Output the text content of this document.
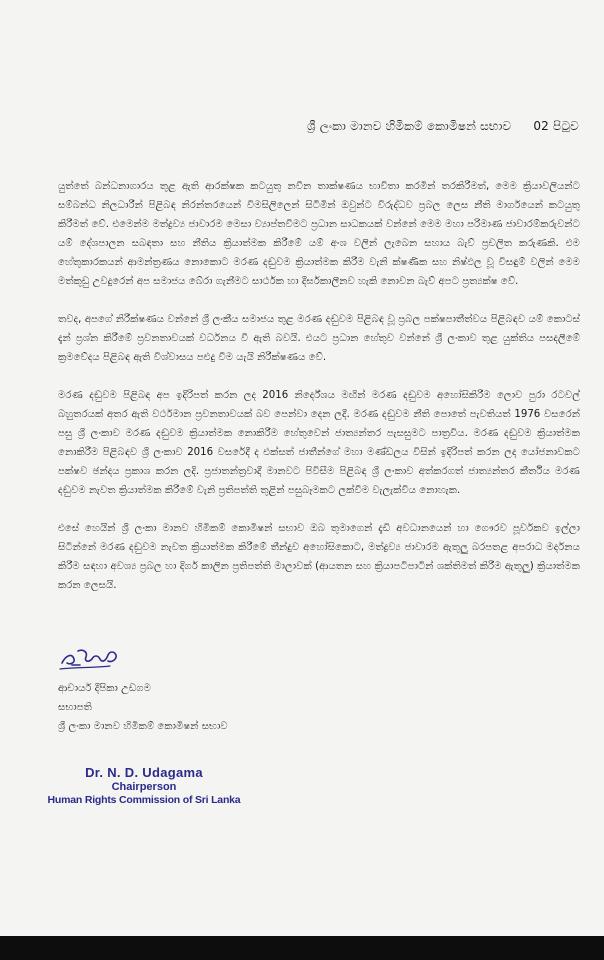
ශ්‍රී ලංකා මානව හිමිකම් කොමිෂන් සභාව 02 පිටුව

යුත්තේ බන්ධනාගාරය තුළ ඇති ආරක්ෂක කටයුතු නවීන තාක්ෂණය භාවිතා කරමින් තරකිරීමත්, මෙම ක්‍රියාවලියන්ට සම්බන්ධ නිලධාරීන් පිළිබඳ නිරන්තරයෙන් විමසිලිලෙන් සිටිමින් ඔවුන්ට විරුද්ධව ප්‍රබල ලෙස නීති මාර්ගයෙන් කටයුතු කිරීමත් වේ. එමෙන්ම මත්ද්‍රව්‍ය ජාවාරම මෙසා ව්‍යාප්තවීමට ප්‍රධාන සාධකයක් වන්නේ මෙම මහා පරිමාණ ජාවාරම්කරුවන්ට යම් දේශපාලන සබඳතා සහ නීතිය ක්‍රියාත්මක කිරීමේ යම් අංශ වලින් ලැබෙන සහාය බැව් ප්‍රචලිත කරුණකි. එම හේතුකාරකයන් ආමන්ත්‍රණය නොකොට මරණ දඬුවම ක්‍රියාත්මක කිරීම වැනි ක්ෂණික සහ නිෂ්ඵල වූ විසඳුම් වලින් මෙම මත්කුඩු උවදුරෙන් අප සමාජය බේරා ගැනීමට සාර්ථක හා දීර්ඝකාලීනව හැකි නොවන බැව් අපට ප්‍රත්‍යක්ෂ වේ.

තවද, අපගේ නිරීක්ෂණය වන්නේ ශ්‍රී ලංකීය සමාජය තුළ මරණ දඬුවම පිළිබඳ වූ ප්‍රබල පක්ෂපාතීත්වය පිළිබඳව යම් කොටස් දැන් ප්‍රශ්න කිරීමේ ප්‍රවනතාවයක් වර්ධනය වී ඇති බවයි. එයට ප්‍රධාන හේතුව වන්නේ ශ්‍රී ලංකාව තුළ යුක්තිය පසදලීමේ ක්‍රමවේදය පිළිබඳ ඇති විශ්වාසය පළුදු වීම යැයි නිරීක්ෂණය වේ.

මරණ දඬුවම පිළිබඳ අප ඉදිරිපත් කරන ලද 2016 නිර්දේශය මඟින් මරණ දඬුවම අහෝසිකිරීම ලොව පුරා රටවල් බහුතරයක් අතර ඇති වර්ථමාන ප්‍රවනතාවයක් බව පෙන්වා දෙන ලදී. මරණ දඬුවම නීති පොතේ පැවතියත් 1976 වසරෙන් පසු ශ්‍රී ලංකාව මරණ දඬුවම ක්‍රියාත්මක නොකිරීම හේතුවෙන් ජාත්‍යන්තර පැසසුමට පාත්‍රවිය. මරණ දඬුවම ක්‍රියාත්මක නොකිරීම පිළිබඳව ශ්‍රී ලංකාව 2016 වසරේදී ද එක්සත් ජාතීන්ගේ මහා මණ්ඩලය විසින් ඉදිරිපත් කරන ලද යෝජනාවකට පක්ෂව ඡන්දය ප්‍රකාශ කරන ලදි. ප්‍රජාතන්ත්‍රවාදී මානවට පිවිසීම පිළිබඳ ශ්‍රී ලංකාව අත්කරගත් ජාත්‍යන්තර කීර්තිය මරණ දඬුවම නැවත ක්‍රියාත්මක කිරීමේ වැනි ප්‍රතිපත්ති තුළින් පසුබෑමකට ලක්වීම වැලැක්විය නොහැක.

එසේ හෙයින් ශ්‍රී ලංකා මානව හිමිකම් කොමිෂන් සභාව ඔබ තුමාගෙන් දැඩි අවධානයෙන් හා ගෞරව පූර්වකව ඉල්ලා සිටින්නේ මරණ දඬුවම නැවත ක්‍රියාත්මක කිරීමේ තීන්දුව අහෝසිකොට, මත්ද්‍රව්‍ය ජාවාරම ඇතුලු බරපතළ අපරාධ මර්දනය කිරීම සඳහා අවශ්‍ය ප්‍රබල හා දිර්ග කාලින ප්‍රතිපත්ති මාලාවක් (ආයතන සහ ක්‍රියාපටිපාටින් ශක්තිමත් කිරීම ඇතුලු) ක්‍රියාත්මක කරන ලෙසයි.

ආචාර්ය දීපිකා උඩගම
සභාපති
ශ්‍රී ලංකා මානව හිමිකම් කොමිෂන් සභාව
Dr. N. D. Udagama
Chairperson
Human Rights Commission of Sri Lanka
